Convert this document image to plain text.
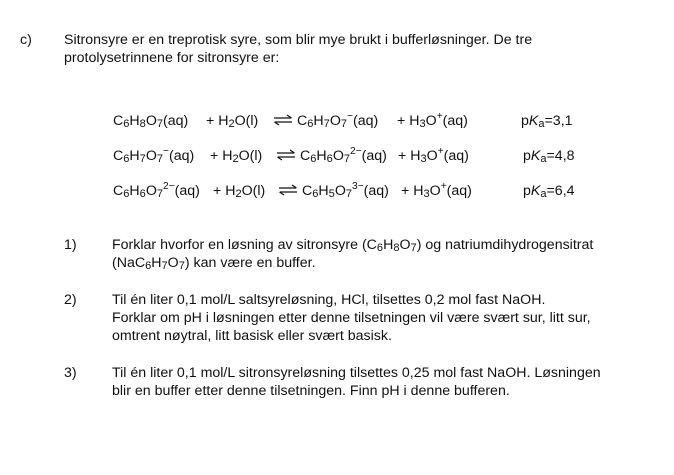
c) Sitronsyre er en treprotisk syre, som blir mye brukt i bufferløsninger. De tre
protolysetrinnene for sitronsyre er:
$C_6H_8O_7(aq) + H_2O(l)$	⇌ $C_6H_7O_7^-(aq) + H_3O^+(aq)$	$pK_a=3,1$
$C_6H_7O_7^-(aq) + H_2O(l)$ ⇌ $C_6H_6O_7^{2-}(aq) + H_3O^+(aq)$	$pK_a=4,8$
$C_6H_6O_7^{2-}(aq) + H_2O(l)$ ⇌ $C_6H_5O_7^{3-}(aq) + H_3O^+(aq)$	$pK_a=6,4$
1) Forklar hvorfor en løsning av sitronsyre $(C_6H_8O_7)$ og natriumdihydrogensitrat
$(NaC_6H_7O_7)$ kan være en buffer.
2) Til én liter 0,1 mol/L saltsyreløsning, HCl, tilsettes 0,2 mol fast NaOH.
Forklar om pH i løsningen etter denne tilsetningen vil være svært sur, litt sur,
omtrent nøytral, litt basisk eller svært basisk.
3) Til én liter 0,1 mol/L sitronsyreløsning tilsettes 0,25 mol fast NaOH. Løsningen
blir en buffer etter denne tilsetningen. Finn pH i denne bufferen.
